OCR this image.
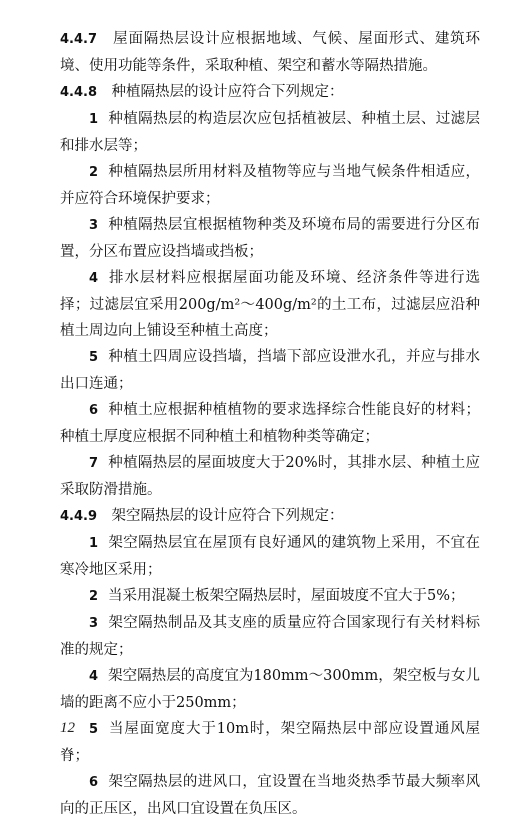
4.4.7　 屋面隔热层设计应根据地域、气候、屋面形式、建筑环境、使用功能等条件，采取种植、架空和蓄水等隔热措施。

4.4.8　 种植隔热层的设计应符合下列规定：

1 种植隔热层的构造层次应包括植被层、种植土层、过滤层和排水层等；

2 种植隔热层所用材料及植物等应与当地气候条件相适应，并应符合环境保护要求；

3 种植隔热层宜根据植物种类及环境布局的需要进行分区布置，分区布置应设挡墙或挡板；

4 排水层材料应根据屋面功能及环境、经济条件等进行选择；过滤层宜采用200g/m²～400g/m²的土工布，过滤层应沿种植土周边向上铺设至种植土高度；

5 种植土四周应设挡墙，挡墙下部应设泄水孔，并应与排水出口连通；

6 种植土应根据种植植物的要求选择综合性能良好的材料；种植土厚度应根据不同种植土和植物种类等确定；

7 种植隔热层的屋面坡度大于20%时，其排水层、种植土应采取防滑措施。

4.4.9　 架空隔热层的设计应符合下列规定：

1 架空隔热层宜在屋顶有良好通风的建筑物上采用，不宜在寒冷地区采用；

2 当采用混凝土板架空隔热层时，屋面坡度不宜大于5%；

3 架空隔热制品及其支座的质量应符合国家现行有关材料标准的规定；

4 架空隔热层的高度宜为180mm～300mm，架空板与女儿墙的距离不应小于250mm；

5 当屋面宽度大于10m时，架空隔热层中部应设置通风屋脊；

6 架空隔热层的进风口，宜设置在当地炎热季节最大频率风向的正压区，出风口宜设置在负压区。

12
